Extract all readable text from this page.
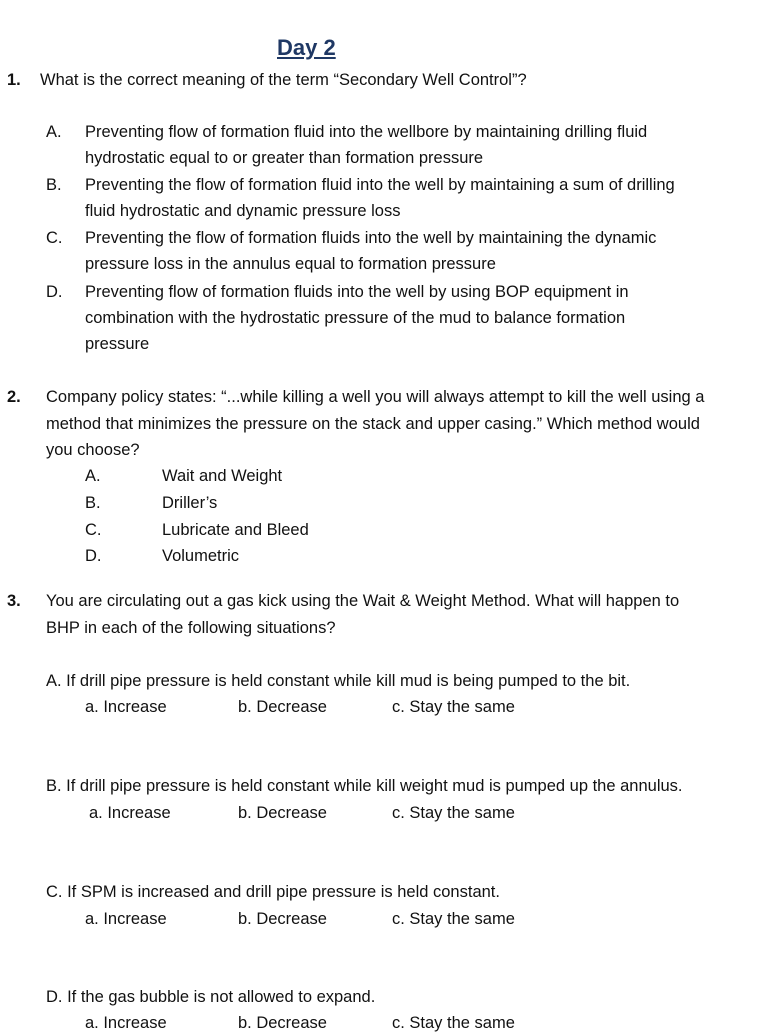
Day 2
1. What is the correct meaning of the term “Secondary Well Control”?
A. Preventing flow of formation fluid into the wellbore by maintaining drilling fluid
hydrostatic equal to or greater than formation pressure
B. Preventing the flow of formation fluid into the well by maintaining a sum of drilling
fluid hydrostatic and dynamic pressure loss
C. Preventing the flow of formation fluids into the well by maintaining the dynamic
pressure loss in the annulus equal to formation pressure
D. Preventing flow of formation fluids into the well by using BOP equipment in
combination with the hydrostatic pressure of the mud to balance formation
pressure
2. Company policy states: “...while killing a well you will always attempt to kill the well using a
method that minimizes the pressure on the stack and upper casing.” Which method would
you choose?
A.	Wait and Weight
B.	Driller’s
C.	Lubricate and Bleed
D.	Volumetric
3. You are circulating out a gas kick using the Wait & Weight Method. What will happen to
BHP in each of the following situations?
A. If drill pipe pressure is held constant while kill mud is being pumped to the bit.
a. Increase	b. Decrease	c. Stay the same
B. If drill pipe pressure is held constant while kill weight mud is pumped up the annulus.
a. Increase	b. Decrease	c. Stay the same
C. If SPM is increased and drill pipe pressure is held constant.
a. Increase	b. Decrease	c. Stay the same
D. If the gas bubble is not allowed to expand.
a. Increase	b. Decrease	c. Stay the same
